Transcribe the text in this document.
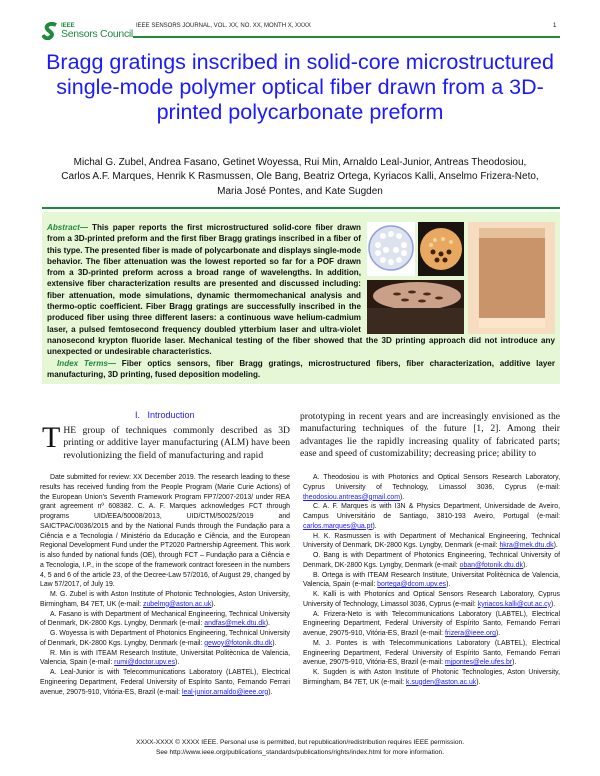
IEEE
Sensors Council
IEEE SENSORS JOURNAL, VOL. XX, NO. XX, MONTH X, XXXX	1
Bragg gratings inscribed in solid-core microstructured single-mode polymer optical fiber drawn from a 3D-printed polycarbonate preform
Michal G. Zubel, Andrea Fasano, Getinet Woyessa, Rui Min, Arnaldo Leal-Junior, Antreas Theodosiou, Carlos A.F. Marques, Henrik K Rasmussen, Ole Bang, Beatriz Ortega, Kyriacos Kalli, Anselmo Frizera-Neto, Maria José Pontes, and Kate Sugden
Abstract— This paper reports the first microstructured solid-core fiber drawn from a 3D-printed preform and the first fiber Bragg gratings inscribed in a fiber of this type. The presented fiber is made of polycarbonate and displays single-mode behavior. The fiber attenuation was the lowest reported so far for a POF drawn from a 3D-printed preform across a broad range of wavelengths. In addition, extensive fiber characterization results are presented and discussed including: fiber attenuation, mode simulations, dynamic thermomechanical analysis and thermo-optic coefficient. Fiber Bragg gratings are successfully inscribed in the produced fiber using three different lasers: a continuous wave helium-cadmium laser, a pulsed femtosecond frequency doubled ytterbium laser and ultra-violet nanosecond krypton fluoride laser. Mechanical testing of the fiber showed that the 3D printing approach did not introduce any unexpected or undesirable characteristics.
Index Terms— Fiber optics sensors, fiber Bragg gratings, microstructured fibers, fiber characterization, additive layer manufacturing, 3D printing, fused deposition modeling.
I.   Introduction
THE group of techniques commonly described as 3D printing or additive layer manufacturing (ALM) have been revolutionizing the field of manufacturing and rapid
prototyping in recent years and are increasingly envisioned as the manufacturing techniques of the future [1, 2]. Among their advantages lie the rapidly increasing quality of fabricated parts; ease and speed of customizability; decreasing price; ability to

Date submitted for review: XX December 2019. The research leading to these results has received funding from the People Program (Marie Curie Actions) of the European Union's Seventh Framework Program FP7/2007-2013/ under REA grant agreement nº 608382. C. A. F. Marques acknowledges FCT through programs UID/EEA/50008/2013, UID/CTM/50025/2019 and SAICTPAC/0036/2015 and by the National Funds through the Fundação para a Ciência e a Tecnologia / Ministério da Educação e Ciência, and the European Regional Development Fund under the PT2020 Partnership Agreement. This work is also funded by national funds (OE), through FCT – Fundação para a Ciência e a Tecnologia, I.P., in the scope of the framework contract foreseen in the numbers 4, 5 and 6 of the article 23, of the Decree-Law 57/2016, of August 29, changed by Law 57/2017, of July 19.

M. G. Zubel is with Aston Institute of Photonic Technologies, Aston University, Birmingham, B4 7ET, UK (e-mail: zubelmg@aston.ac.uk).

A. Fasano is with Department of Mechanical Engineering, Technical University of Denmark, DK-2800 Kgs. Lyngby, Denmark (e-mail: andfas@mek.dtu.dk).

G. Woyessa is with Department of Photonics Engineering, Technical University of Denmark, DK-2800 Kgs. Lyngby, Denmark (e-mail: gewoy@fotonik.dtu.dk).

R. Min is with ITEAM Research Institute, Universitat Politècnica de Valencia, Valencia, Spain (e-mail: rumi@doctor.upv.es).

A. Leal-Junior is with Telecommunications Laboratory (LABTEL), Electrical Engineering Department, Federal University of Espírito Santo, Fernando Ferrari avenue, 29075-910, Vitória-ES, Brazil (e-mail: leal-junior.arnaldo@ieee.org).

A. Theodosiou is with Photonics and Optical Sensors Research Laboratory, Cyprus University of Technology, Limassol 3036, Cyprus (e-mail: theodosiou.antreas@gmail.com).

C. A. F. Marques is with I3N & Physics Department, Universidade de Aveiro, Campus Universitário de Santiago, 3810-193 Aveiro, Portugal (e-mail: carlos.marques@ua.pt).

H. K. Rasmussen is with Department of Mechanical Engineering, Technical University of Denmark, DK-2800 Kgs. Lyngby, Denmark (e-mail: hkra@mek.dtu.dk).

O. Bang is with Department of Photonics Engineering, Technical University of Denmark, DK-2800 Kgs. Lyngby, Denmark (e-mail: oban@fotonik.dtu.dk).

B. Ortega is with ITEAM Research Institute, Universitat Politècnica de Valencia, Valencia, Spain (e-mail: bortega@dcom.upv.es).

K. Kalli is with Photonics and Optical Sensors Research Laboratory, Cyprus University of Technology, Limassol 3036, Cyprus (e-mail: kyriacos.kalli@cut.ac.cy).

A. Frizera-Neto is with Telecommunications Laboratory (LABTEL), Electrical Engineering Department, Federal University of Espírito Santo, Fernando Ferrari avenue, 29075-910, Vitória-ES, Brazil (e-mail: frizera@ieee.org).

M. J. Pontes is with Telecommunications Laboratory (LABTEL), Electrical Engineering Department, Federal University of Espírito Santo, Fernando Ferrari avenue, 29075-910, Vitória-ES, Brazil (e-mail: mjpontes@ele.ufes.br).

K. Sugden is with Aston Institute of Photonic Technologies, Aston University, Birmingham, B4 7ET, UK (e-mail: k.sugden@aston.ac.uk).

XXXX-XXXX © XXXX IEEE. Personal use is permitted, but republication/redistribution requires IEEE permission.
See http://www.ieee.org/publications_standards/publications/rights/index.html for more information.
